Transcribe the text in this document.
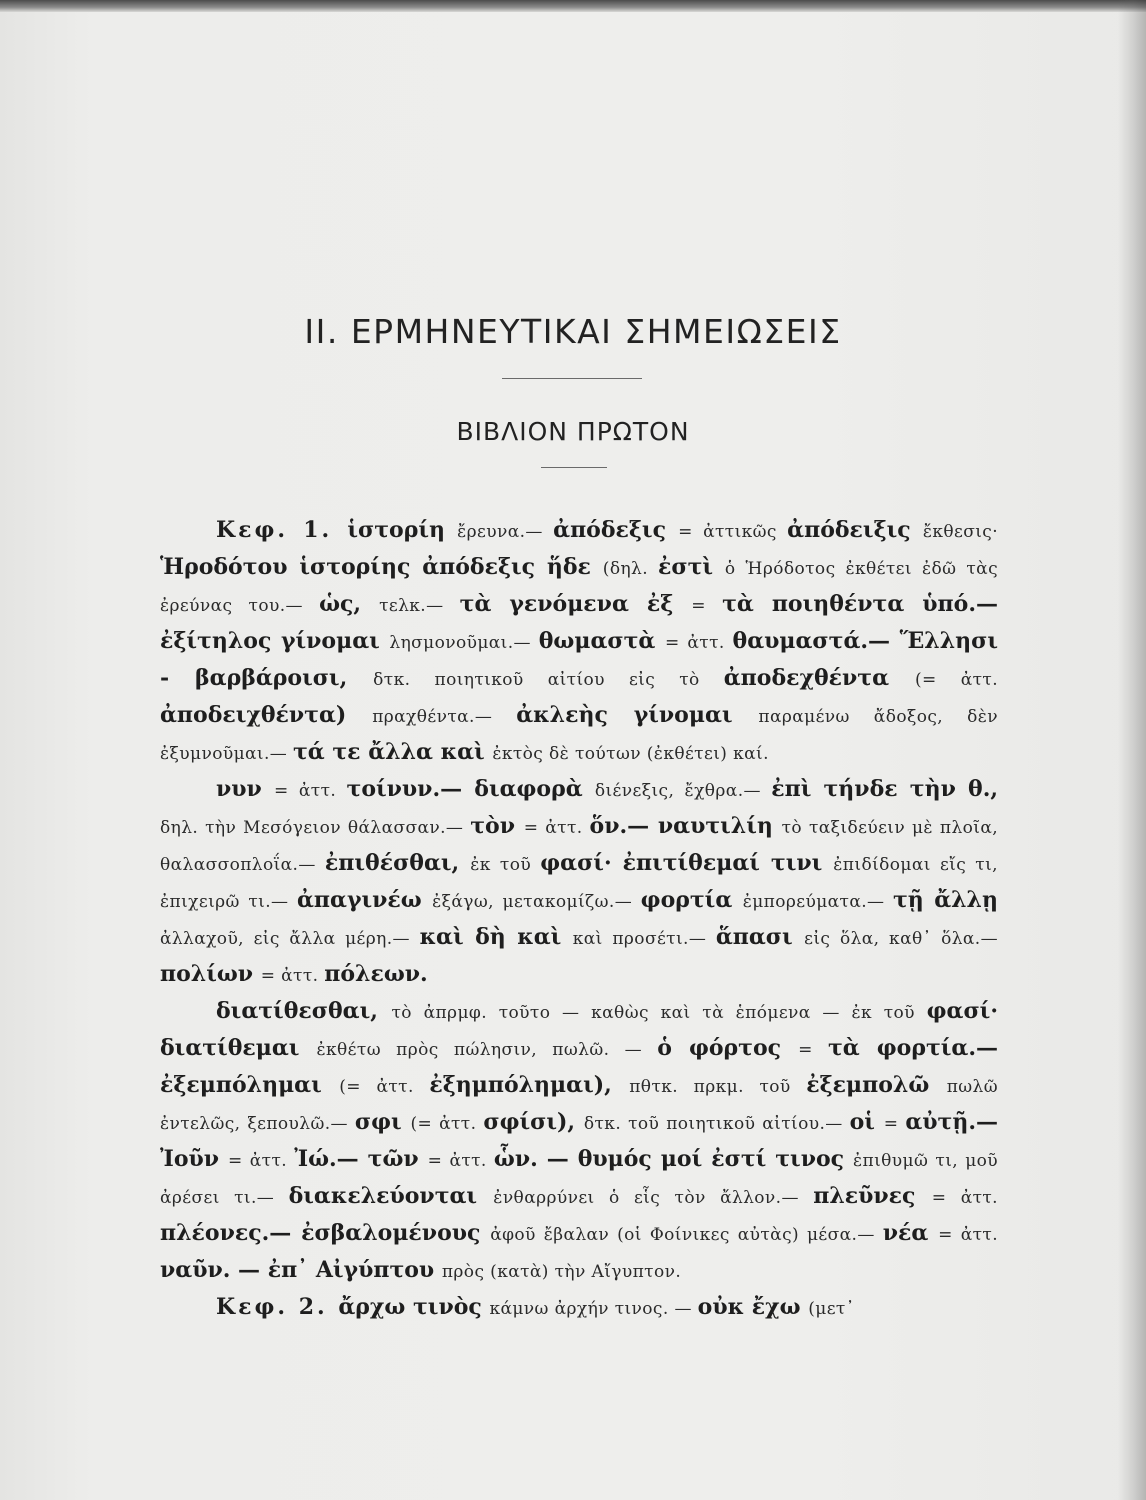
II. ΕΡΜΗΝΕΥΤΙΚΑΙ ΣΗΜΕΙΩΣΕΙΣ
ΒΙΒΛΙΟΝ ΠΡΩΤΟΝ

Κεφ. 1. ἱστορίη ἔρευνα.— ἀπόδεξις = ἀττικῶς ἀπόδειξις ἔκθεσις· Ἡροδότου ἱστορίης ἀπόδεξις ἥδε (δηλ. ἐστὶ ὁ Ἡρόδοτος ἐκθέτει ἐδῶ τὰς ἐρεύνας του.— ὡς, τελκ.— τὰ γενόμενα ἐξ = τὰ ποιηθέντα ὑπό.— ἐξίτηλος γίνομαι λησμονοῦμαι.— θωμαστὰ = ἀττ. θαυμαστά.— Ἕλλησι - βαρβάροισι, δτκ. ποιητικοῦ αἰτίου εἰς τὸ ἀποδεχθέντα (= ἀττ. ἀποδειχθέντα) πραχθέντα.— ἀκλεὴς γίνομαι παραμένω ἄδοξος, δὲν ἐξυμνοῦμαι.— τά τε ἄλλα καὶ ἐκτὸς δὲ τούτων (ἐκθέτει) καί.

νυν = ἀττ. τοίνυν.— διαφορὰ διένεξις, ἔχθρα.— ἐπὶ τήνδε τὴν θ., δηλ. τὴν Μεσόγειον θάλασσαν.— τὸν = ἀττ. ὅν.— ναυτιλίη τὸ ταξιδεύειν μὲ πλοῖα, θαλασσοπλοΐα.— ἐπιθέσθαι, ἐκ τοῦ φασί· ἐπιτίθεμαί τινι ἐπιδίδομαι εἴς τι, ἐπιχειρῶ τι.— ἀπαγινέω ἐξάγω, μετακομίζω.— φορτία ἐμπορεύματα.— τῇ ἄλλῃ ἀλλαχοῦ, εἰς ἄλλα μέρη.— καὶ δὴ καὶ καὶ προσέτι.— ἅπασι εἰς ὅλα, καθ᾿ ὅλα.— πολίων = ἀττ. πόλεων.

διατίθεσθαι, τὸ ἀπρμφ. τοῦτο — καθὼς καὶ τὰ ἑπόμενα — ἐκ τοῦ φασί· διατίθεμαι ἐκθέτω πρὸς πώλησιν, πωλῶ. — ὁ φόρτος = τὰ φορτία.— ἐξεμπόλημαι (= ἀττ. ἐξημπόλημαι), πθτκ. πρκμ. τοῦ ἐξεμπολῶ πωλῶ ἐντελῶς, ξεπουλῶ.— σφι (= ἀττ. σφίσι), δτκ. τοῦ ποιητικοῦ αἰτίου.— οἱ = αὐτῇ.— Ἰοῦν = ἀττ. Ἰώ.— τῶν = ἀττ. ὧν. — θυμός μοί ἐστί τινος ἐπιθυμῶ τι, μοῦ ἀρέσει τι.— διακελεύονται ἐνθαρρύνει ὁ εἷς τὸν ἄλλον.— πλεῦνες = ἀττ. πλέονες.— ἐσβαλομένους ἀφοῦ ἔβαλαν (οἱ Φοίνικες αὐτὰς) μέσα.— νέα = ἀττ. ναῦν. — ἐπ᾿ Αἰγύπτου πρὸς (κατὰ) τὴν Αἴγυπτον.

Κεφ. 2. ἄρχω τινὸς κάμνω ἀρχήν τινος. — οὐκ ἔχω (μετ᾿
